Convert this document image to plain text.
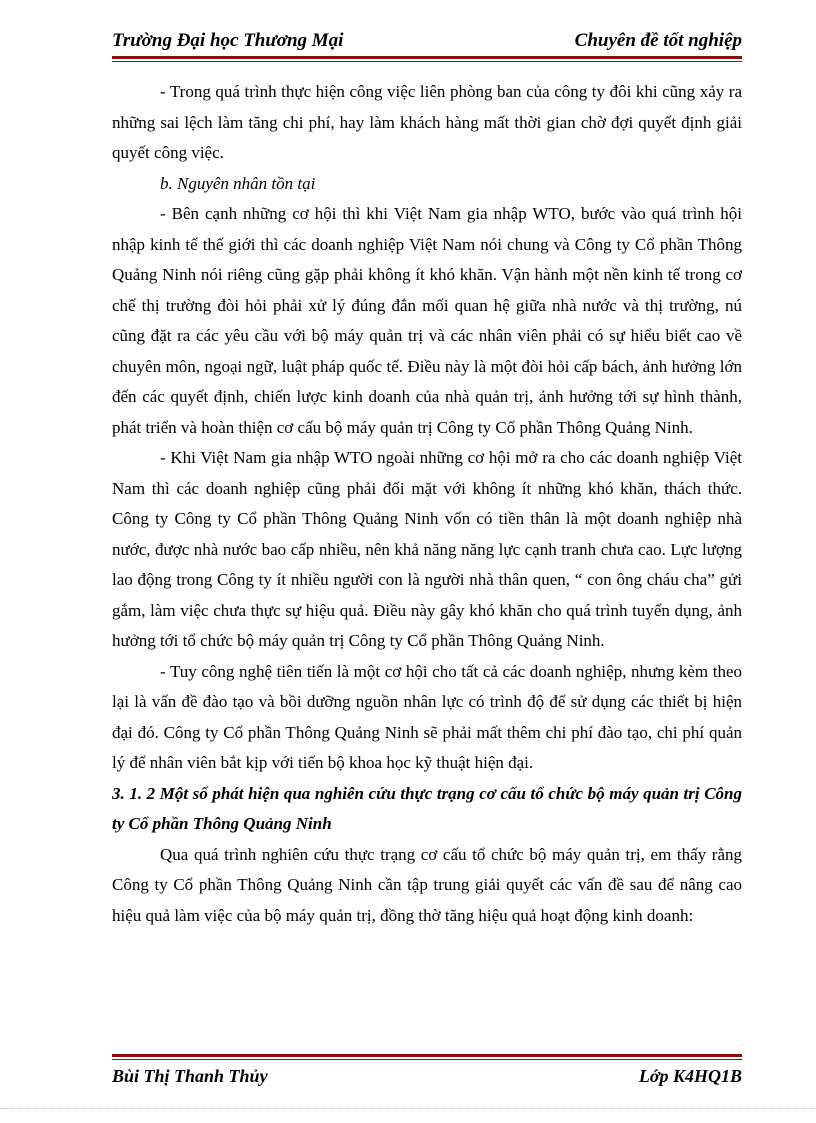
Trường Đại học Thương Mại	Chuyên đề tốt nghiệp

- Trong quá trình thực hiện công việc liên phòng ban của công ty đôi khi cũng xảy ra những sai lệch làm tăng chi phí, hay làm khách hàng mất thời gian chờ đợi quyết định giải quyết công việc.

b. Nguyên nhân tồn tại

- Bên cạnh những cơ hội thì khi Việt Nam gia nhập WTO, bước vào quá trình hội nhập kinh tế thế giới thì các doanh nghiệp Việt Nam nói chung và Công ty Cổ phần Thông Quảng Ninh nói riêng cũng gặp phải không ít khó khăn. Vận hành một nền kinh tế trong cơ chế thị trường đòi hỏi phải xử lý đúng đắn mối quan hệ giữa nhà nước và thị trường, nú cũng đặt ra các yêu cầu với bộ máy quản trị và các nhân viên phải có sự hiểu biết cao về chuyên môn, ngoại ngữ, luật pháp quốc tế. Điều này là một đòi hỏi cấp bách, ảnh hưởng lớn đến các quyết định, chiến lược kinh doanh của nhà quản trị, ảnh hưởng tới sự hình thành, phát triển và hoàn thiện cơ cấu bộ máy quản trị Công ty Cổ phần Thông Quảng Ninh.

- Khi Việt Nam gia nhập WTO ngoài những cơ hội mở ra cho các doanh nghiệp Việt Nam thì các doanh nghiệp cũng phải đối mặt với không ít những khó khăn, thách thức. Công ty Công ty Cổ phần Thông Quảng Ninh vốn có tiền thân là một doanh nghiệp nhà nước, được nhà nước bao cấp nhiều, nên khả năng năng lực cạnh tranh chưa cao. Lực lượng lao động trong Công ty ít nhiều người con là người nhà thân quen, “ con ông cháu cha” gửi gắm, làm việc chưa thực sự hiệu quả. Điều này gây khó khăn cho quá trình tuyển dụng, ảnh hưởng tới tổ chức bộ máy quản trị Công ty Cổ phần Thông Quảng Ninh.

- Tuy công nghệ tiên tiến là một cơ hội cho tất cả các doanh nghiệp, nhưng kèm theo lại là vấn đề đào tạo và bồi dưỡng nguồn nhân lực có trình độ để sử dụng các thiết bị hiện đại đó. Công ty Cổ phần Thông Quảng Ninh sẽ phải mất thêm chi phí đào tạo, chi phí quản lý để nhân viên bắt kịp với tiến bộ khoa học kỹ thuật hiện đại.

3. 1. 2 Một số phát hiện qua nghiên cứu thực trạng cơ cấu tổ chức bộ máy quản trị Công ty Cổ phần Thông Quảng Ninh

Qua quá trình nghiên cứu thực trạng cơ cấu tổ chức bộ máy quản trị, em thấy rằng Công ty Cổ phần Thông Quảng Ninh cần tập trung giải quyết các vấn đề sau để nâng cao hiệu quả làm việc của bộ máy quản trị, đồng thờ tăng hiệu quả hoạt động kinh doanh:

Bùi Thị Thanh Thủy	Lớp K4HQ1B
